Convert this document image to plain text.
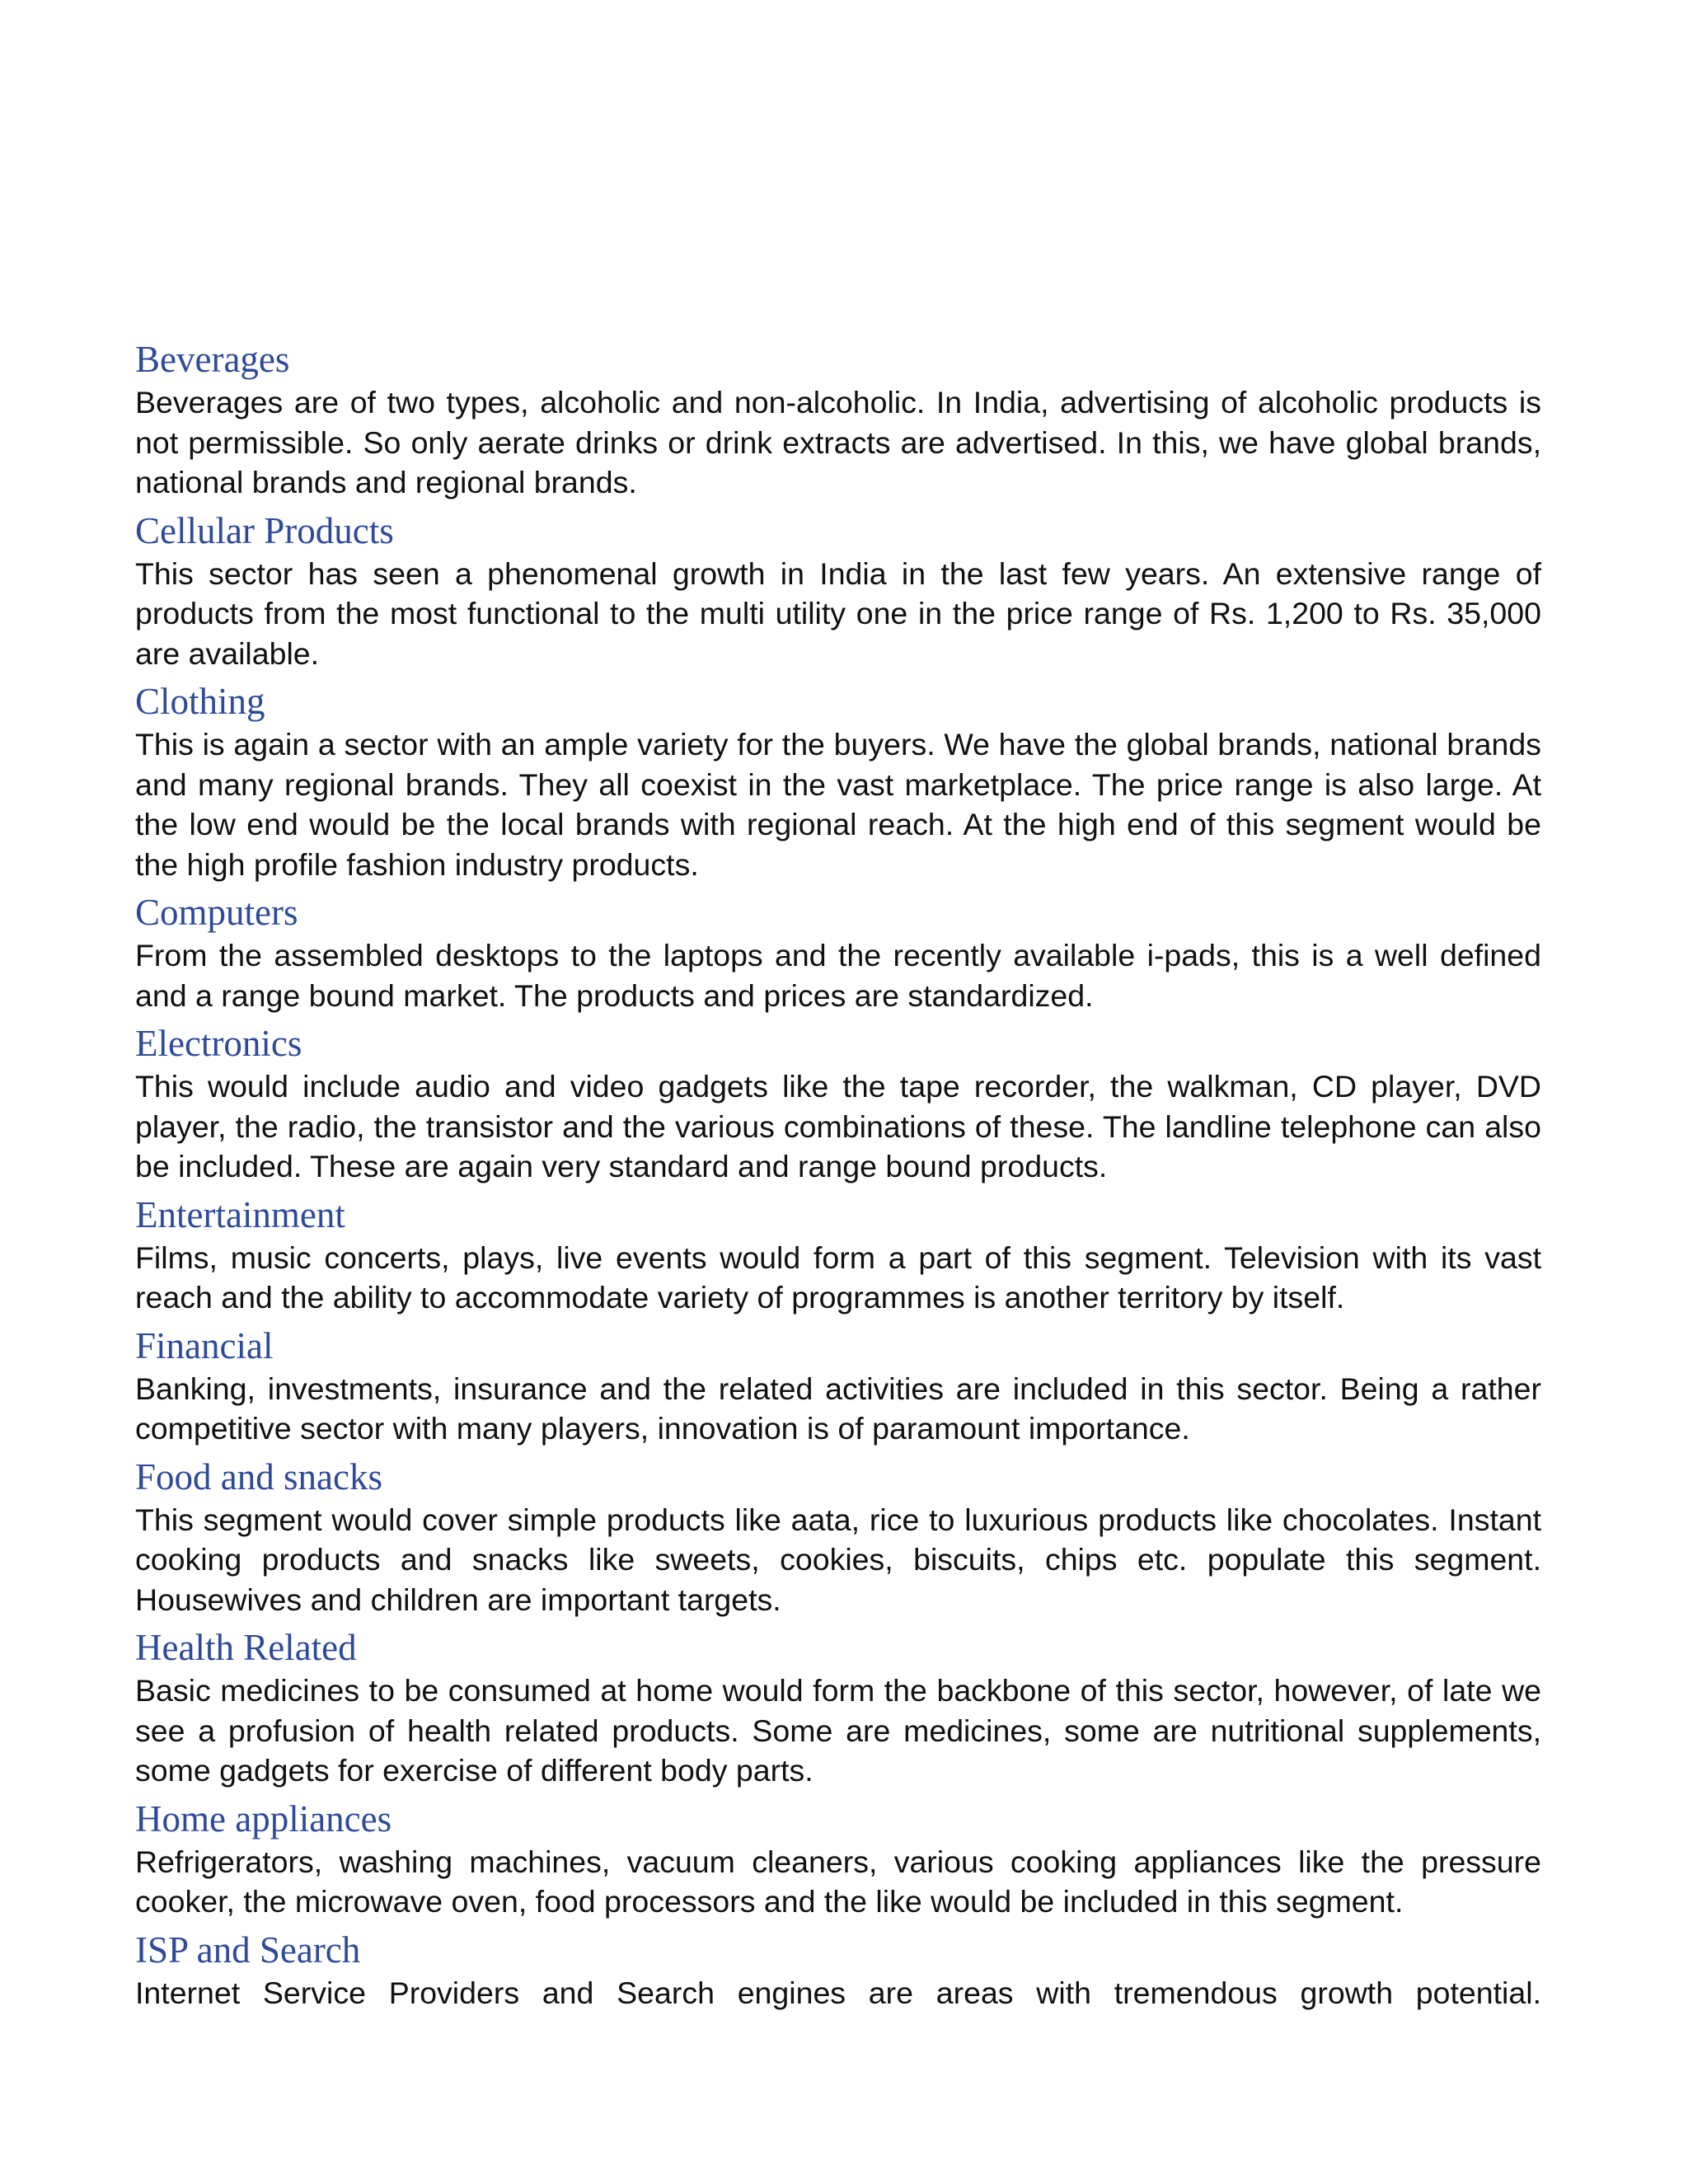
Beverages
Beverages are of two types, alcoholic and non-alcoholic. In India, advertising of alcoholic products is not permissible. So only aerate drinks or drink extracts are advertised. In this, we have global brands, national brands and regional brands.
Cellular Products
This sector has seen a phenomenal growth in India in the last few years. An extensive range of products from the most functional to the multi utility one in the price range of Rs. 1,200 to Rs. 35,000 are available.
Clothing
This is again a sector with an ample variety for the buyers. We have the global brands, national brands and many regional brands. They all coexist in the vast marketplace. The price range is also large. At the low end would be the local brands with regional reach. At the high end of this segment would be the high profile fashion industry products.
Computers
From the assembled desktops to the laptops and the recently available i-pads, this is a well defined and a range bound market. The products and prices are standardized.
Electronics
This would include audio and video gadgets like the tape recorder, the walkman, CD player, DVD player, the radio, the transistor and the various combinations of these. The landline telephone can also be included. These are again very standard and range bound products.
Entertainment
Films, music concerts, plays, live events would form a part of this segment. Television with its vast reach and the ability to accommodate variety of programmes is another territory by itself.
Financial
Banking, investments, insurance and the related activities are included in this sector. Being a rather competitive sector with many players, innovation is of paramount importance.
Food and snacks
This segment would cover simple products like aata, rice to luxurious products like chocolates. Instant cooking products and snacks like sweets, cookies, biscuits, chips etc. populate this segment. Housewives and children are important targets.
Health Related
Basic medicines to be consumed at home would form the backbone of this sector, however, of late we see a profusion of health related products. Some are medicines, some are nutritional supplements, some gadgets for exercise of different body parts.
Home appliances
Refrigerators, washing machines, vacuum cleaners, various cooking appliances like the pressure cooker, the microwave oven, food processors and the like would be included in this segment.
ISP and Search
Internet Service Providers and Search engines are areas with tremendous growth potential.
